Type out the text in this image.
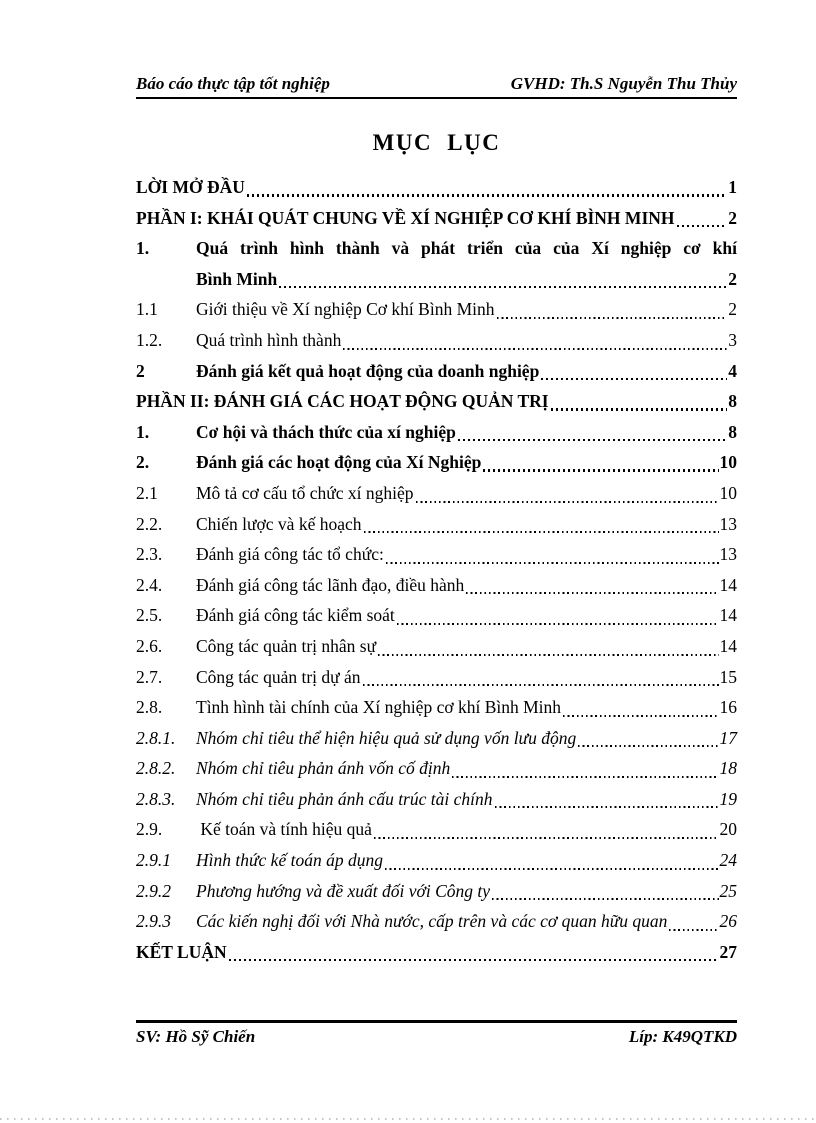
Báo cáo thực tập tốt nghiệp	GVHD: Th.S Nguyễn Thu Thủy
MỤC LỤC
LỜI MỞ ĐẦU	1
PHẦN I: KHÁI QUÁT CHUNG VỀ XÍ NGHIỆP CƠ KHÍ BÌNH MINH	2
1.	Quá trình hình thành và phát triển của của Xí nghiệp cơ khí
Bình Minh	2
1.1	Giới thiệu về Xí nghiệp Cơ khí Bình Minh	2
1.2.	Quá trình hình thành	3
2	Đánh giá kết quả hoạt động của doanh nghiệp	4
PHẦN II: ĐÁNH GIÁ CÁC HOẠT ĐỘNG QUẢN TRỊ	8
1.	Cơ hội và thách thức của xí nghiệp	8
2.	Đánh giá các hoạt động của Xí Nghiệp	10
2.1	Mô tả cơ cấu tổ chức xí nghiệp	10
2.2.	Chiến lược và kế hoạch	13
2.3.	Đánh giá công tác tổ chức:	13
2.4.	Đánh giá công tác lãnh đạo, điều hành	14
2.5.	Đánh giá công tác kiểm soát	14
2.6.	Công tác quản trị nhân sự	14
2.7.	Công tác quản trị dự án	15
2.8.	Tình hình tài chính của Xí nghiệp cơ khí Bình Minh	16
2.8.1.	Nhóm chỉ tiêu thể hiện hiệu quả sử dụng vốn lưu động	17
2.8.2.	Nhóm chỉ tiêu phản ánh vốn cố định	18
2.8.3.	Nhóm chỉ tiêu phản ánh cấu trúc tài chính	19
2.9.	Kế toán và tính hiệu quả	20
2.9.1	Hình thức kế toán áp dụng	24
2.9.2	Phương hướng và đề xuất đối với Công ty	25
2.9.3	Các kiến nghị đối với Nhà nước, cấp trên và các cơ quan hữu quan	26
KẾT LUẬN	27
SV: Hồ Sỹ Chiến	Líp: K49QTKD
